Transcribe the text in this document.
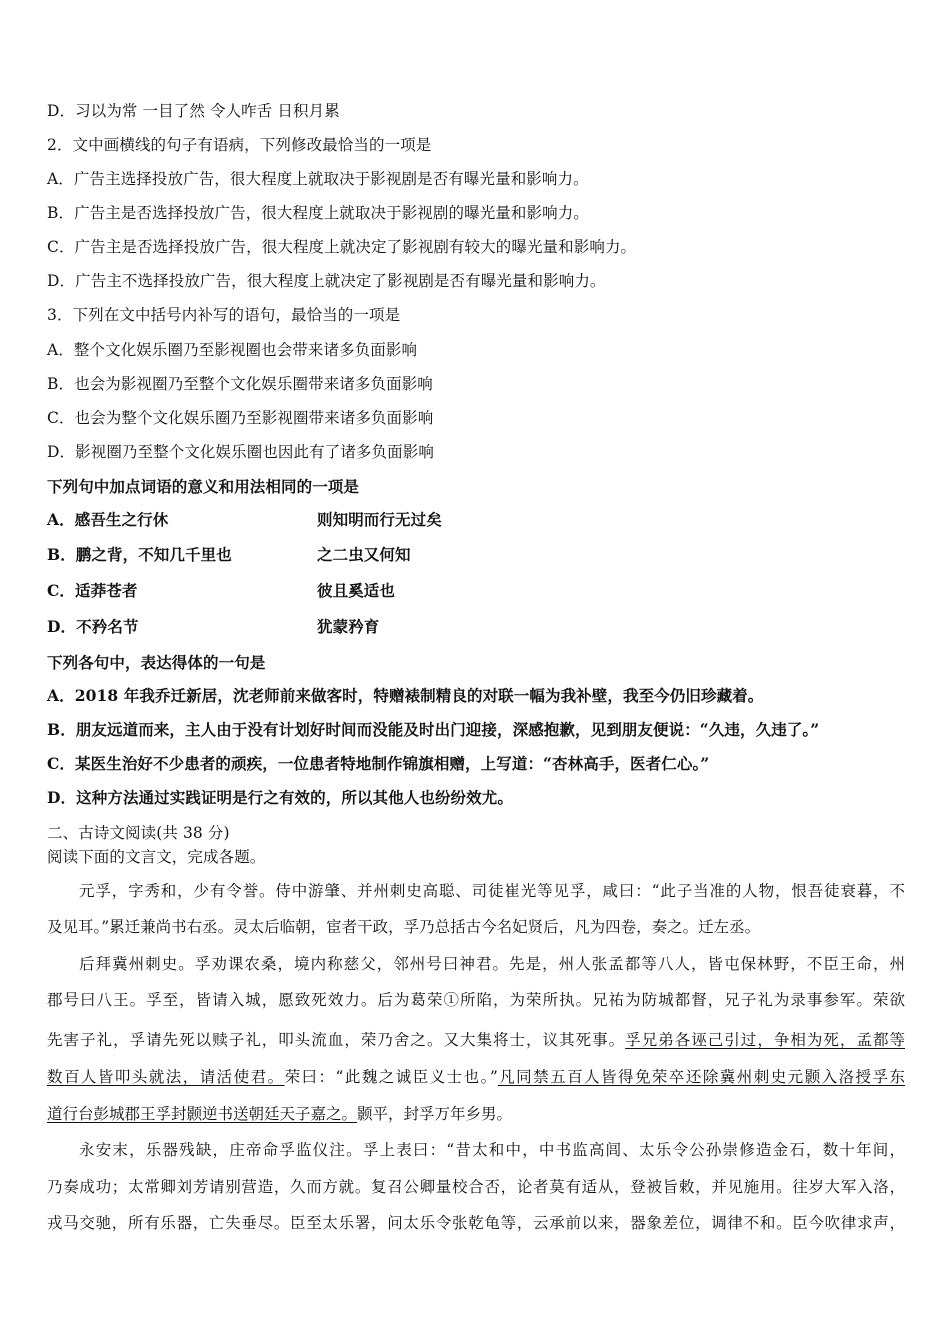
D．习以为常 一目了然 令人咋舌 日积月累
2．文中画横线的句子有语病，下列修改最恰当的一项是
A．广告主选择投放广告，很大程度上就取决于影视剧是否有曝光量和影响力。
B．广告主是否选择投放广告，很大程度上就取决于影视剧的曝光量和影响力。
C．广告主是否选择投放广告，很大程度上就决定了影视剧有较大的曝光量和影响力。
D．广告主不选择投放广告，很大程度上就决定了影视剧是否有曝光量和影响力。
3．下列在文中括号内补写的语句，最恰当的一项是
A．整个文化娱乐圈乃至影视圈也会带来诸多负面影响
B．也会为影视圈乃至整个文化娱乐圈带来诸多负面影响
C．也会为整个文化娱乐圈乃至影视圈带来诸多负面影响
D．影视圈乃至整个文化娱乐圈也因此有了诸多负面影响
下列句中加点词语的意义和用法相同的一项是
A．感吾生之行休	则知明而行无过矣
B．鹏之背，不知几千里也	之二虫又何知
C．适莽苍者	彼且奚适也
D．不矜名节	犹蒙矜育
下列各句中，表达得体的一句是
A．2018 年我乔迁新居，沈老师前来做客时，特赠裱制精良的对联一幅为我补壁，我至今仍旧珍藏着。
B．朋友远道而来，主人由于没有计划好时间而没能及时出门迎接，深感抱歉，见到朋友便说：“久违，久违了。”
C．某医生治好不少患者的顽疾，一位患者特地制作锦旗相赠，上写道：“杏林高手，医者仁心。”
D．这种方法通过实践证明是行之有效的，所以其他人也纷纷效尤。
二、古诗文阅读(共 38 分)
阅读下面的文言文，完成各题。
元孚，字秀和，少有令誉。侍中游肇、并州刺史高聪、司徒崔光等见孚，咸曰：“此子当准的人物，恨吾徒衰暮，不
及见耳。”累迁兼尚书右丞。灵太后临朝，宦者干政，孚乃总括古今名妃贤后，凡为四卷，奏之。迁左丞。
后拜冀州刺史。孚劝课农桑，境内称慈父，邻州号曰神君。先是，州人张孟都等八人，皆屯保林野，不臣王命，州
郡号曰八王。孚至，皆请入城，愿致死效力。后为葛荣①所陷，为荣所执。兄祐为防城都督，兄子礼为录事参军。荣欲
先害子礼，孚请先死以赎子礼，叩头流血，荣乃舍之。又大集将士，议其死事。孚兄弟各诬己引过，争相为死，孟都等
数百人皆叩头就法，请活使君。荣曰：“此魏之诚臣义士也。”凡同禁五百人皆得免荣卒还除冀州刺史元颢入洛授孚东
道行台彭城郡王孚封颢逆书送朝廷天子嘉之。颢平，封孚万年乡男。
永安末，乐器残缺，庄帝命孚监仪注。孚上表曰：“昔太和中，中书监高闾、太乐令公孙崇修造金石，数十年间，
乃奏成功；太常卿刘芳请别营造，久而方就。复召公卿量校合否，论者莫有适从，登被旨敕，并见施用。往岁大军入洛，
戎马交驰，所有乐器，亡失垂尽。臣至太乐署，问太乐令张乾龟等，云承前以来，器象差位，调律不和。臣今吹律求声，
